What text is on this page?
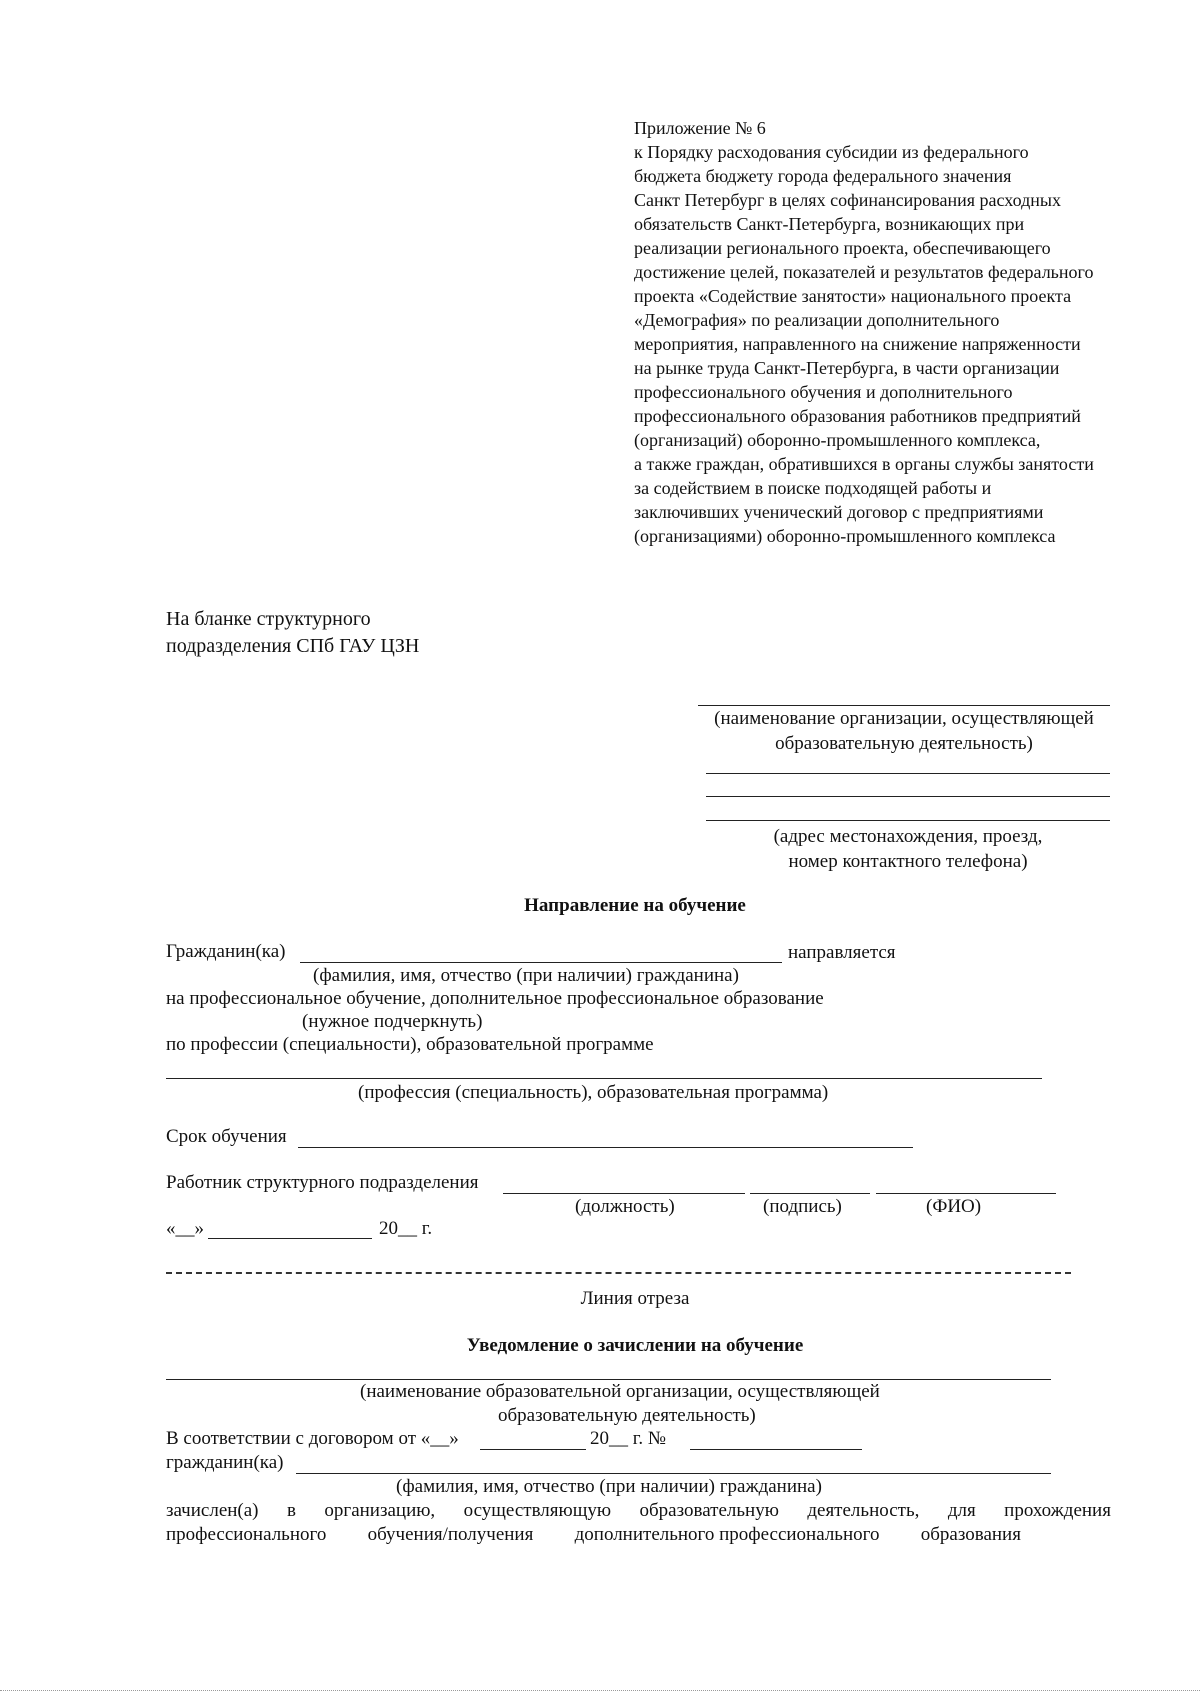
Приложение № 6
к Порядку расходования субсидии из федерального
бюджета бюджету города федерального значения
Санкт Петербург в целях софинансирования расходных
обязательств Санкт-Петербурга, возникающих при
реализации регионального проекта, обеспечивающего
достижение целей, показателей и результатов федерального
проекта «Содействие занятости» национального проекта
«Демография» по реализации дополнительного
мероприятия, направленного на снижение напряженности
на рынке труда Санкт-Петербурга, в части организации
профессионального обучения и дополнительного
профессионального образования работников предприятий
(организаций) оборонно-промышленного комплекса,
а также граждан, обратившихся в органы службы занятости
за содействием в поиске подходящей работы и
заключивших ученический договор с предприятиями
(организациями) оборонно-промышленного комплекса
На бланке структурного
подразделения СПб ГАУ ЦЗН
(наименование организации, осуществляющей
образовательную деятельность)
(адрес местонахождения, проезд,
номер контактного телефона)
Направление на обучение
Гражданин(ка)	направляется
(фамилия, имя, отчество (при наличии) гражданина)
на профессиональное обучение, дополнительное профессиональное образование
(нужное подчеркнуть)
по профессии (специальности), образовательной программе
(профессия (специальность), образовательная программа)
Срок обучения
Работник структурного подразделения
(должность)	(подпись)	(ФИО)
«__»	20__ г.
Линия отреза
Уведомление о зачислении на обучение
(наименование образовательной организации, осуществляющей
образовательную деятельность)
В соответствии с договором от «__»	20__ г. №
гражданин(ка)
(фамилия, имя, отчество (при наличии) гражданина)
зачислен(а) в организацию, осуществляющую образовательную деятельность, для прохождения
профессионального обучения/получения дополнительного профессионального образования
